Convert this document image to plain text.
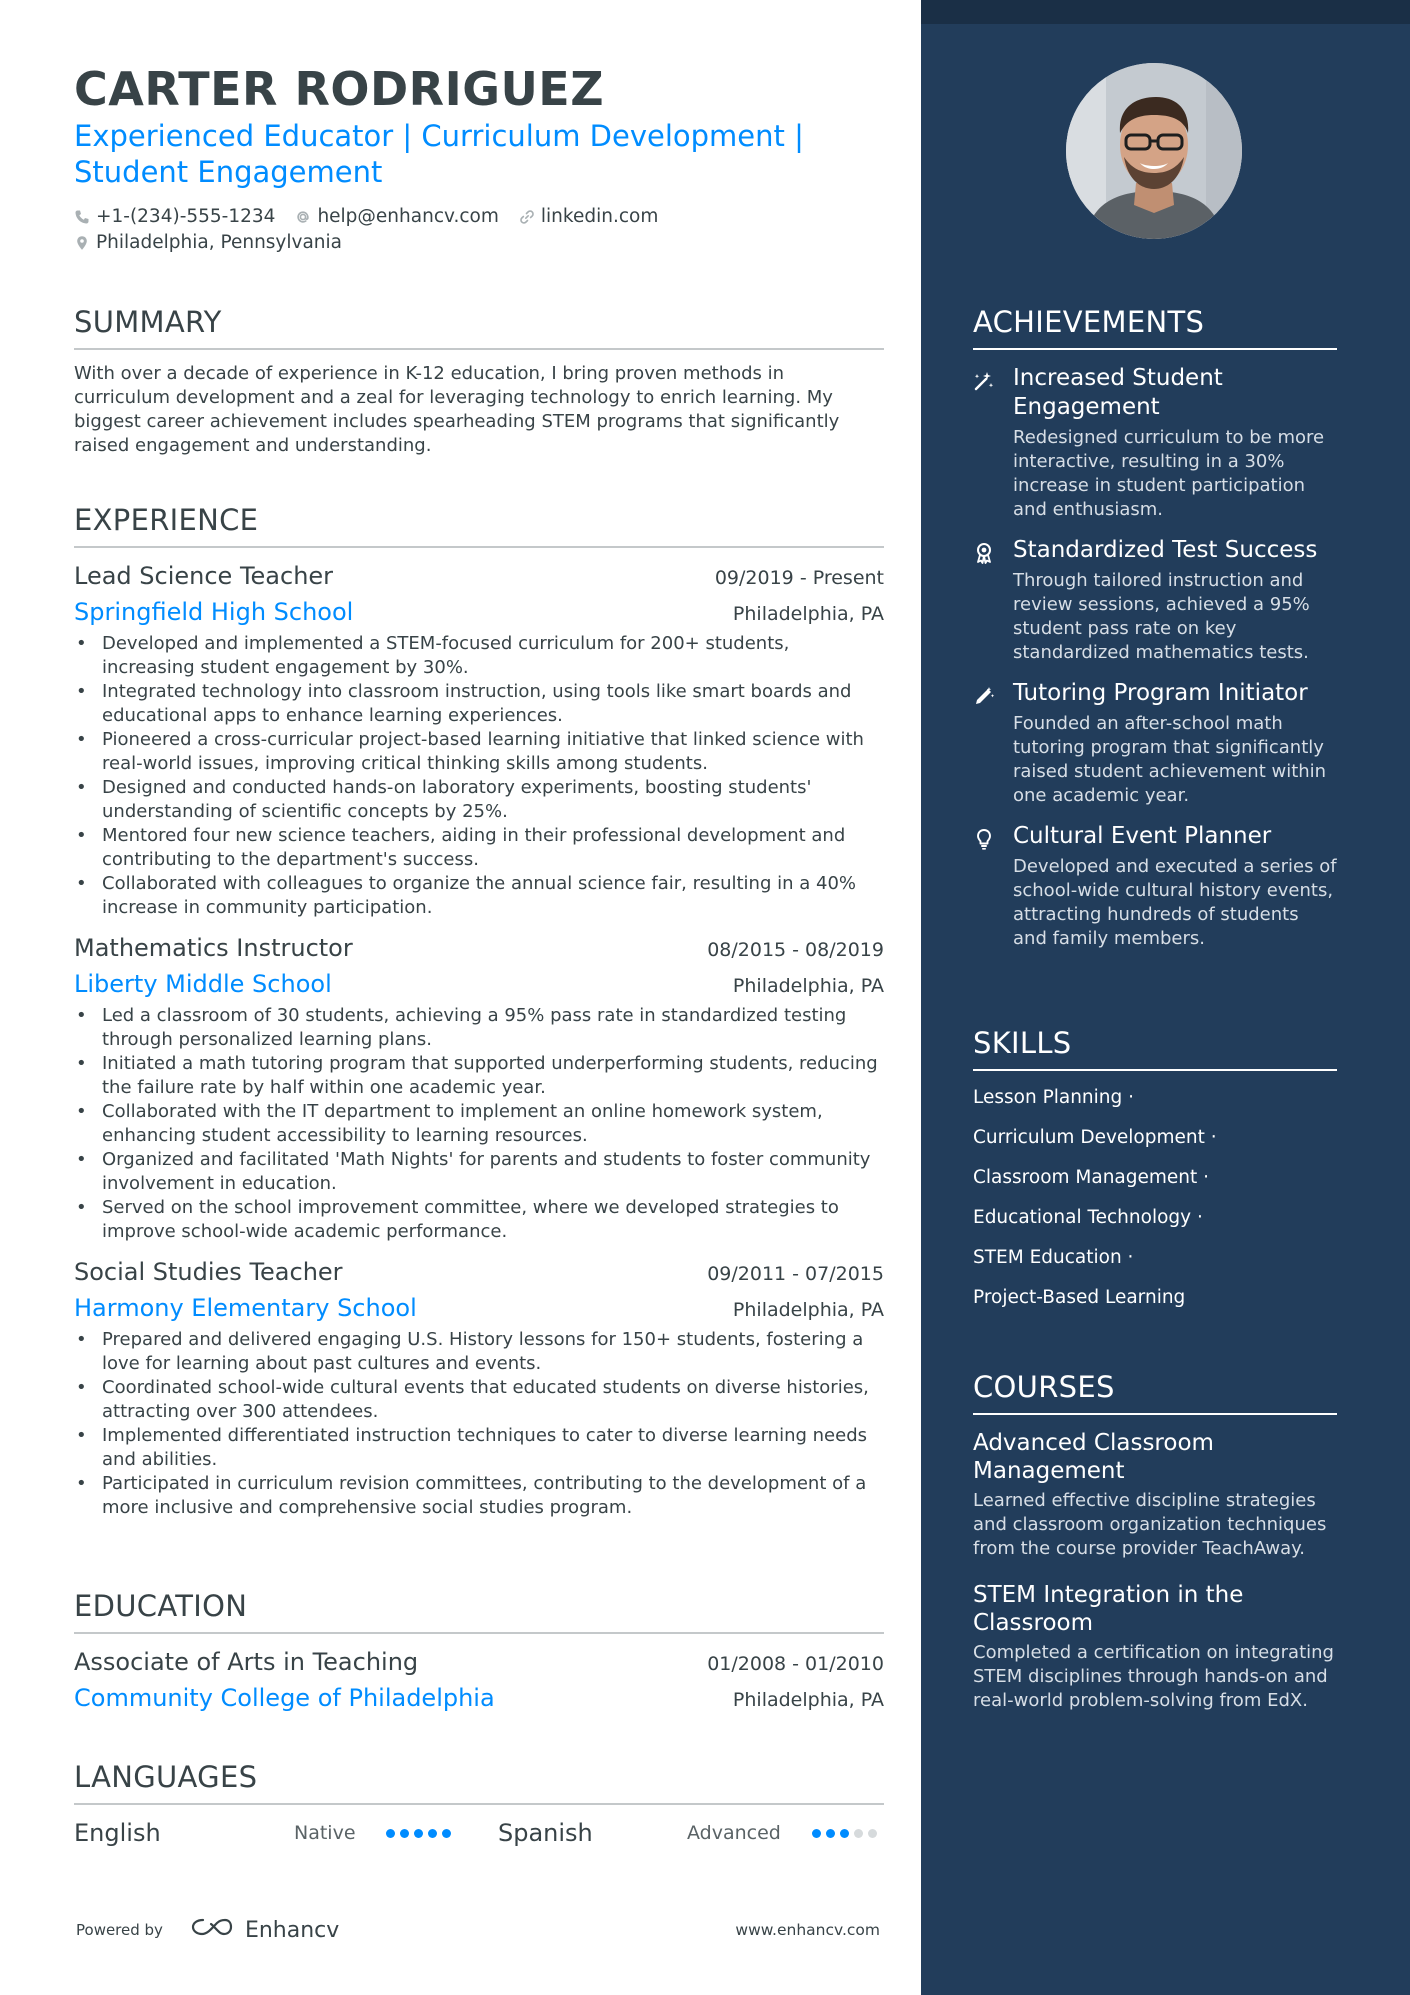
CARTER RODRIGUEZ
Experienced Educator | Curriculum Development | Student Engagement
+1-(234)-555-1234 help@enhancv.com linkedin.com
Philadelphia, Pennsylvania
SUMMARY
With over a decade of experience in K-12 education, I bring proven methods in curriculum development and a zeal for leveraging technology to enrich learning. My biggest career achievement includes spearheading STEM programs that significantly raised engagement and understanding.
EXPERIENCE
Lead Science Teacher	09/2019 - Present
Springfield High School	Philadelphia, PA
• Developed and implemented a STEM-focused curriculum for 200+ students, increasing student engagement by 30%.
• Integrated technology into classroom instruction, using tools like smart boards and educational apps to enhance learning experiences.
• Pioneered a cross-curricular project-based learning initiative that linked science with real-world issues, improving critical thinking skills among students.
• Designed and conducted hands-on laboratory experiments, boosting students' understanding of scientific concepts by 25%.
• Mentored four new science teachers, aiding in their professional development and contributing to the department's success.
• Collaborated with colleagues to organize the annual science fair, resulting in a 40% increase in community participation.
Mathematics Instructor	08/2015 - 08/2019
Liberty Middle School	Philadelphia, PA
• Led a classroom of 30 students, achieving a 95% pass rate in standardized testing through personalized learning plans.
• Initiated a math tutoring program that supported underperforming students, reducing the failure rate by half within one academic year.
• Collaborated with the IT department to implement an online homework system, enhancing student accessibility to learning resources.
• Organized and facilitated 'Math Nights' for parents and students to foster community involvement in education.
• Served on the school improvement committee, where we developed strategies to improve school-wide academic performance.
Social Studies Teacher	09/2011 - 07/2015
Harmony Elementary School	Philadelphia, PA
• Prepared and delivered engaging U.S. History lessons for 150+ students, fostering a love for learning about past cultures and events.
• Coordinated school-wide cultural events that educated students on diverse histories, attracting over 300 attendees.
• Implemented differentiated instruction techniques to cater to diverse learning needs and abilities.
• Participated in curriculum revision committees, contributing to the development of a more inclusive and comprehensive social studies program.
EDUCATION
Associate of Arts in Teaching	01/2008 - 01/2010
Community College of Philadelphia	Philadelphia, PA
LANGUAGES
English	Native	Spanish	Advanced
Powered by	Enhancv	www.enhancv.com
ACHIEVEMENTS
Increased Student Engagement
Redesigned curriculum to be more interactive, resulting in a 30% increase in student participation and enthusiasm.
Standardized Test Success
Through tailored instruction and review sessions, achieved a 95% student pass rate on key standardized mathematics tests.
Tutoring Program Initiator
Founded an after-school math tutoring program that significantly raised student achievement within one academic year.
Cultural Event Planner
Developed and executed a series of school-wide cultural history events, attracting hundreds of students and family members.
SKILLS
Lesson Planning ·
Curriculum Development ·
Classroom Management ·
Educational Technology ·
STEM Education ·
Project-Based Learning
COURSES
Advanced Classroom Management
Learned effective discipline strategies and classroom organization techniques from the course provider TeachAway.
STEM Integration in the Classroom
Completed a certification on integrating STEM disciplines through hands-on and real-world problem-solving from EdX.
